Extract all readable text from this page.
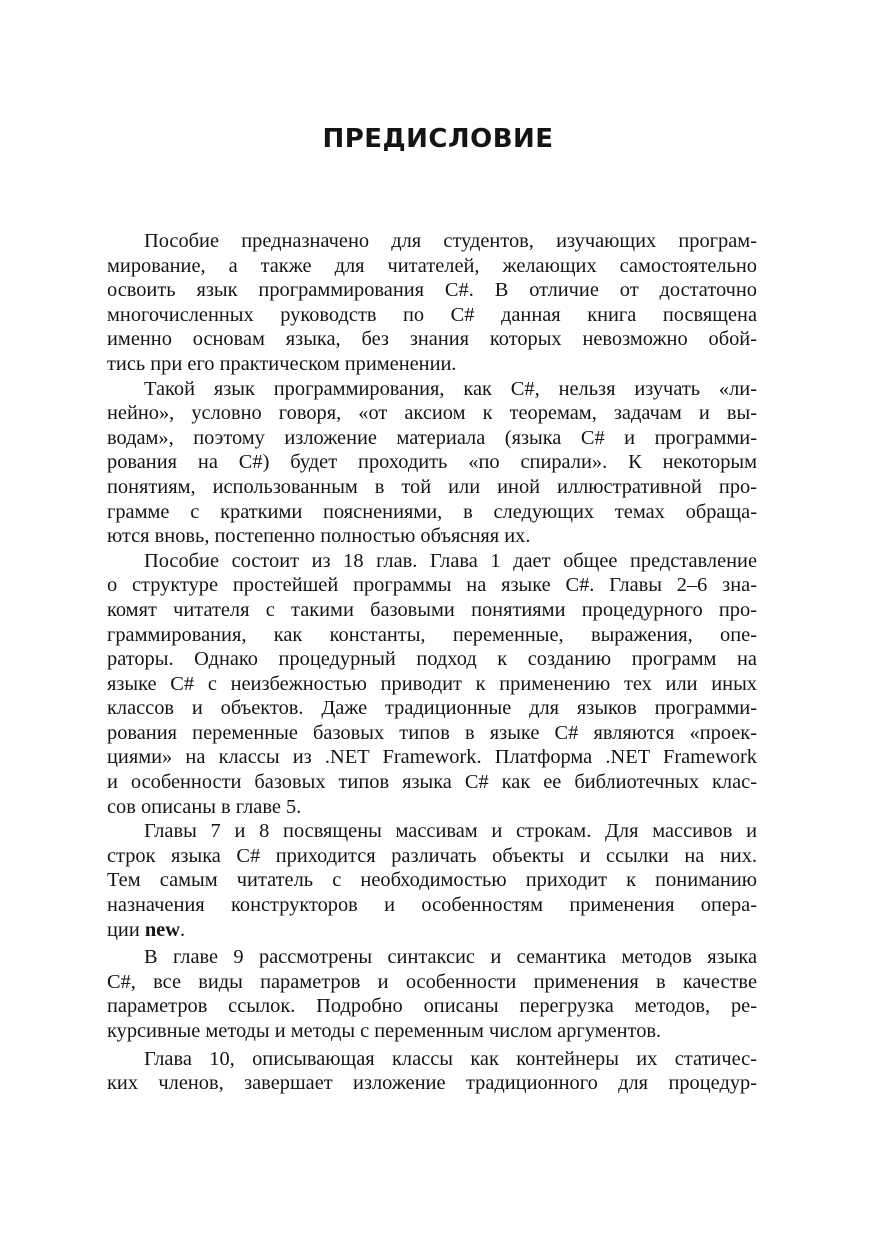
ПРЕДИСЛОВИЕ

Пособие предназначено для студентов, изучающих програм-
мирование, а также для читателей, желающих самостоятельно
освоить язык программирования C#. В отличие от достаточно
многочисленных руководств по C# данная книга посвящена
именно основам языка, без знания которых невозможно обой-
тись при его практическом применении.

Такой язык программирования, как C#, нельзя изучать «ли-
нейно», условно говоря, «от аксиом к теоремам, задачам и вы-
водам», поэтому изложение материала (языка C# и программи-
рования на C#) будет проходить «по спирали». К некоторым
понятиям, использованным в той или иной иллюстративной про-
грамме с краткими пояснениями, в следующих темах обраща-
ются вновь, постепенно полностью объясняя их.

Пособие состоит из 18 глав. Глава 1 дает общее представление
о структуре простейшей программы на языке C#. Главы 2–6 зна-
комят читателя с такими базовыми понятиями процедурного про-
граммирования, как константы, переменные, выражения, опе-
раторы. Однако процедурный подход к созданию программ на
языке C# с неизбежностью приводит к применению тех или иных
классов и объектов. Даже традиционные для языков программи-
рования переменные базовых типов в языке C# являются «проек-
циями» на классы из .NET Framework. Платформа .NET Framework
и особенности базовых типов языка C# как ее библиотечных клас-
сов описаны в главе 5.

Главы 7 и 8 посвящены массивам и строкам. Для массивов и
строк языка C# приходится различать объекты и ссылки на них.
Тем самым читатель с необходимостью приходит к пониманию
назначения конструкторов и особенностям применения опера-
ции new.

В главе 9 рассмотрены синтаксис и семантика методов языка
C#, все виды параметров и особенности применения в качестве
параметров ссылок. Подробно описаны перегрузка методов, ре-
курсивные методы и методы с переменным числом аргументов.

Глава 10, описывающая классы как контейнеры их статичес-
ких членов, завершает изложение традиционного для процедур-
